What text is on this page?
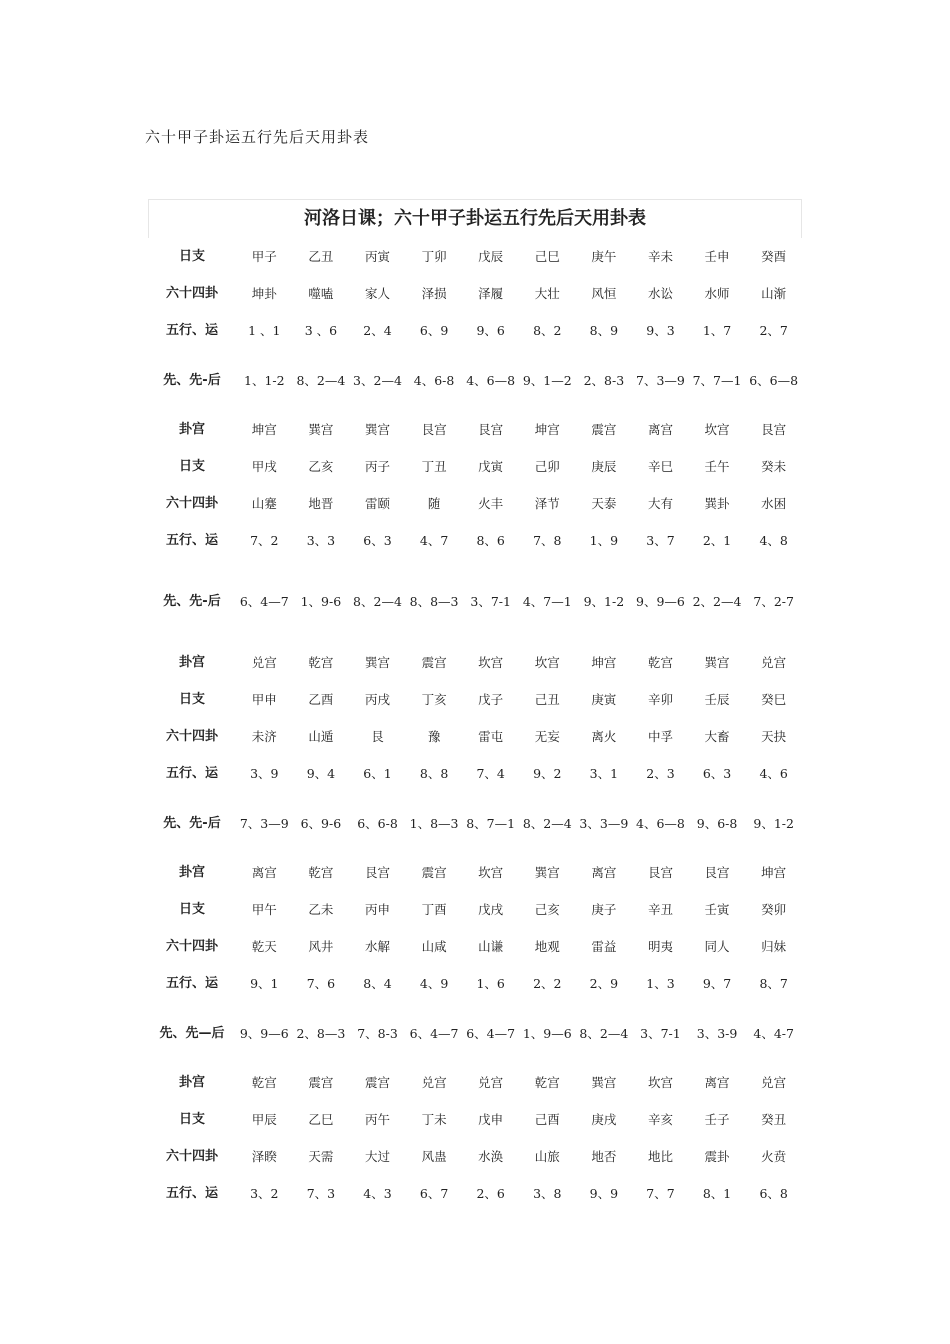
六十甲子卦运五行先后天用卦表
河洛日课；六十甲子卦运五行先后天用卦表
日支	甲子	乙丑	丙寅	丁卯	戊辰	己巳	庚午	辛未	壬申	癸酉
六十四卦	坤卦	噬嗑	家人	泽损	泽履	大壮	风恒	水讼	水师	山渐
五行、运	1 、1	3 、6	2、4	6、9	9、6	8、2	8、9	9、3	1、7	2、7
先、先-后	1、1-2	8、2—4	3、2—4	4、6-8	4、6—8	9、1—2	2、8-3	7、3—9	7、7—1	6、6—8
卦宫	坤宫	巽宫	巽宫	艮宫	艮宫	坤宫	震宫	离宫	坎宫	艮宫
日支	甲戌	乙亥	丙子	丁丑	戊寅	己卯	庚辰	辛巳	壬午	癸未
六十四卦	山蹇	地晋	雷颐	随	火丰	泽节	天泰	大有	巽卦	水困
五行、运	7、2	3、3	6、3	4、7	8、6	7、8	1、9	3、7	2、1	4、8
先、先-后	6、4—7	1、9-6	8、2—4	8、8—3	3、7-1	4、7—1	9、1-2	9、9—6	2、2—4	7、2-7
卦宫	兑宫	乾宫	巽宫	震宫	坎宫	坎宫	坤宫	乾宫	巽宫	兑宫
日支	甲申	乙酉	丙戌	丁亥	戊子	己丑	庚寅	辛卯	壬辰	癸巳
六十四卦	未济	山遁	艮	豫	雷屯	无妄	离火	中孚	大畜	天抉
五行、运	3、9	9、4	6、1	8、8	7、4	9、2	3、1	2、3	6、3	4、6
先、先-后	7、3—9	6、9-6	6、6-8	1、8—3	8、7—1	8、2—4	3、3—9	4、6—8	9、6-8	9、1-2
卦宫	离宫	乾宫	艮宫	震宫	坎宫	巽宫	离宫	艮宫	艮宫	坤宫
日支	甲午	乙未	丙申	丁酉	戊戌	己亥	庚子	辛丑	壬寅	癸卯
六十四卦	乾天	风井	水解	山咸	山谦	地观	雷益	明夷	同人	归妹
五行、运	9、1	7、6	8、4	4、9	1、6	2、2	2、9	1、3	9、7	8、7
先、先—后	9、9—6	2、8—3	7、8-3	6、4—7	6、4—7	1、9—6	8、2—4	3、7-1	3、3-9	4、4-7
卦宫	乾宫	震宫	震宫	兑宫	兑宫	乾宫	巽宫	坎宫	离宫	兑宫
日支	甲辰	乙巳	丙午	丁未	戊申	己酉	庚戌	辛亥	壬子	癸丑
六十四卦	泽睽	天需	大过	风蛊	水涣	山旅	地否	地比	震卦	火贲
五行、运	3、2	7、3	4、3	6、7	2、6	3、8	9、9	7、7	8、1	6、8
